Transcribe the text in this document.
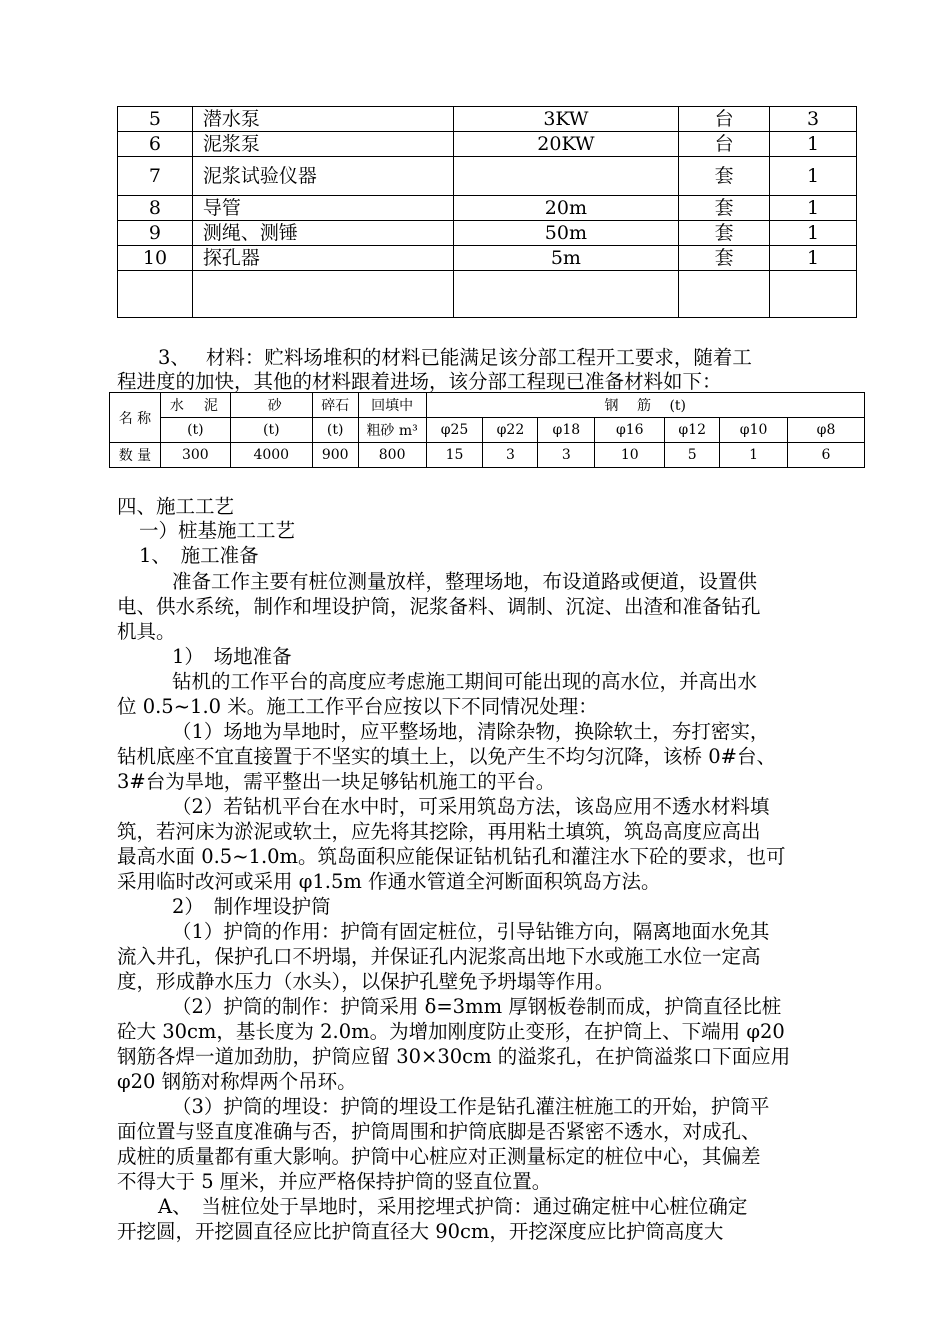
5	潜水泵	3KW	台	3
6	泥浆泵	20KW	台	1
7	泥浆试验仪器		套	1
8	导管	20m	套	1
9	测绳、测锤	50m	套	1
10	探孔器	5m	套	1

3、　 材料：贮料场堆积的材料已能满足该分部工程开工要求，随着工
程进度的加快，其他的材料跟着进场，该分部工程现已准备材料如下：
名 称	水　泥	砂	碎石	回填中	钢　 筋　 (t)						
	(t)	(t)	(t)	粗砂 m³	φ25	φ22	φ18	φ16	φ12	φ10	φ8
数 量	300	4000	900	800	15	3	3	10	5	1	6
四、施工工艺
一）桩基施工工艺
1、　施工准备
准备工作主要有桩位测量放样，整理场地，布设道路或便道，设置供
电、供水系统，制作和埋设护筒，泥浆备料、调制、沉淀、出渣和准备钻孔
机具。
1）　场地准备
钻机的工作平台的高度应考虑施工期间可能出现的高水位，并高出水
位 0.5~1.0 米。施工工作平台应按以下不同情况处理：
（1）场地为旱地时，应平整场地，清除杂物，换除软土，夯打密实，
钻机底座不宜直接置于不坚实的填土上，以免产生不均匀沉降，该桥 0#台、
3#台为旱地，需平整出一块足够钻机施工的平台。
（2）若钻机平台在水中时，可采用筑岛方法，该岛应用不透水材料填
筑，若河床为淤泥或软土，应先将其挖除，再用粘土填筑，筑岛高度应高出
最高水面 0.5~1.0m。筑岛面积应能保证钻机钻孔和灌注水下砼的要求，也可
采用临时改河或采用 φ1.5m 作通水管道全河断面积筑岛方法。
2）　制作埋设护筒
（1）护筒的作用：护筒有固定桩位，引导钻锥方向，隔离地面水免其
流入井孔，保护孔口不坍塌，并保证孔内泥浆高出地下水或施工水位一定高
度，形成静水压力（水头），以保护孔壁免予坍塌等作用。
（2）护筒的制作：护筒采用 δ=3mm 厚钢板卷制而成，护筒直径比桩
砼大 30cm，基长度为 2.0m。为增加刚度防止变形，在护筒上、下端用 φ20
钢筋各焊一道加劲肋，护筒应留 30×30cm 的溢浆孔，在护筒溢浆口下面应用
φ20 钢筋对称焊两个吊环。
（3）护筒的埋设：护筒的埋设工作是钻孔灌注桩施工的开始，护筒平
面位置与竖直度准确与否，护筒周围和护筒底脚是否紧密不透水，对成孔、
成桩的质量都有重大影响。护筒中心桩应对正测量标定的桩位中心，其偏差
不得大于 5 厘米，并应严格保持护筒的竖直位置。
A、　当桩位处于旱地时，采用挖埋式护筒：通过确定桩中心桩位确定
开挖圆，开挖圆直径应比护筒直径大 90cm，开挖深度应比护筒高度大
